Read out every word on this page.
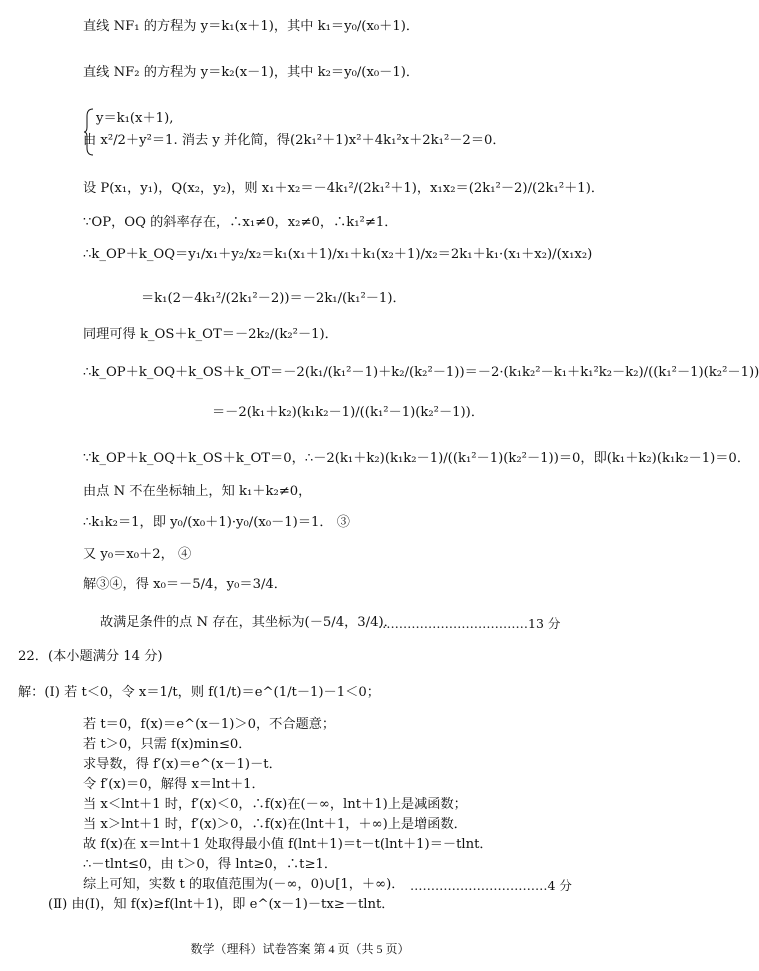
直线 NF₁ 的方程为 y＝k₁(x＋1)，其中 k₁＝y₀/(x₀＋1)．
直线 NF₂ 的方程为 y＝k₂(x－1)，其中 k₂＝y₀/(x₀－1)．
y＝k₁(x＋1),
由 x²/2＋y²＝1. 消去 y 并化简，得(2k₁²＋1)x²＋4k₁²x＋2k₁²－2＝0．
设 P(x₁，y₁)，Q(x₂，y₂)，则 x₁＋x₂＝－4k₁²/(2k₁²＋1)，x₁x₂＝(2k₁²－2)/(2k₁²＋1)．
∵OP，OQ 的斜率存在，∴x₁≠0，x₂≠0，∴k₁²≠1．
∴k_OP＋k_OQ＝y₁/x₁＋y₂/x₂＝k₁(x₁＋1)/x₁＋k₁(x₂＋1)/x₂＝2k₁＋k₁·(x₁＋x₂)/(x₁x₂)
＝k₁(2－4k₁²/(2k₁²－2))＝－2k₁/(k₁²－1)．
同理可得 k_OS＋k_OT＝－2k₂/(k₂²－1)．
∴k_OP＋k_OQ＋k_OS＋k_OT＝－2(k₁/(k₁²－1)＋k₂/(k₂²－1))＝－2·(k₁k₂²－k₁＋k₁²k₂－k₂)/((k₁²－1)(k₂²－1))
＝－2(k₁＋k₂)(k₁k₂－1)/((k₁²－1)(k₂²－1))．
∵k_OP＋k_OQ＋k_OS＋k_OT＝0，∴－2(k₁＋k₂)(k₁k₂－1)/((k₁²－1)(k₂²－1))＝0，即(k₁＋k₂)(k₁k₂－1)＝0．
由点 N 不在坐标轴上，知 k₁＋k₂≠0，
∴k₁k₂＝1，即 y₀/(x₀＋1)·y₀/(x₀－1)＝1． ③
又 y₀＝x₀＋2， ④
解③④，得 x₀＝－5/4，y₀＝3/4．
故满足条件的点 N 存在，其坐标为(－5/4，3/4)．
22．(本小题满分 14 分)
解：(Ⅰ) 若 t＜0，令 x＝1/t，则 f(1/t)＝e^(1/t－1)－1＜0；
若 t＝0，f(x)＝e^(x－1)＞0，不合题意；
若 t＞0，只需 f(x)min≤0．
求导数，得 f′(x)＝e^(x－1)－t．
令 f′(x)＝0，解得 x＝lnt＋1．
当 x＜lnt＋1 时，f′(x)＜0，∴f(x)在(－∞，lnt＋1)上是减函数；
当 x＞lnt＋1 时，f′(x)＞0，∴f(x)在(lnt＋1，＋∞)上是增函数．
故 f(x)在 x＝lnt＋1 处取得最小值 f(lnt＋1)＝t－t(lnt＋1)＝－tlnt．
∴－tlnt≤0，由 t＞0，得 lnt≥0，∴t≥1．
综上可知，实数 t 的取值范围为(－∞，0)∪[1，＋∞)．
(Ⅱ) 由(Ⅰ)，知 f(x)≥f(lnt＋1)，即 e^(x－1)－tx≥－tlnt．
………………………………13 分
……………………………4 分
数学（理科）试卷答案 第 4 页（共 5 页）
